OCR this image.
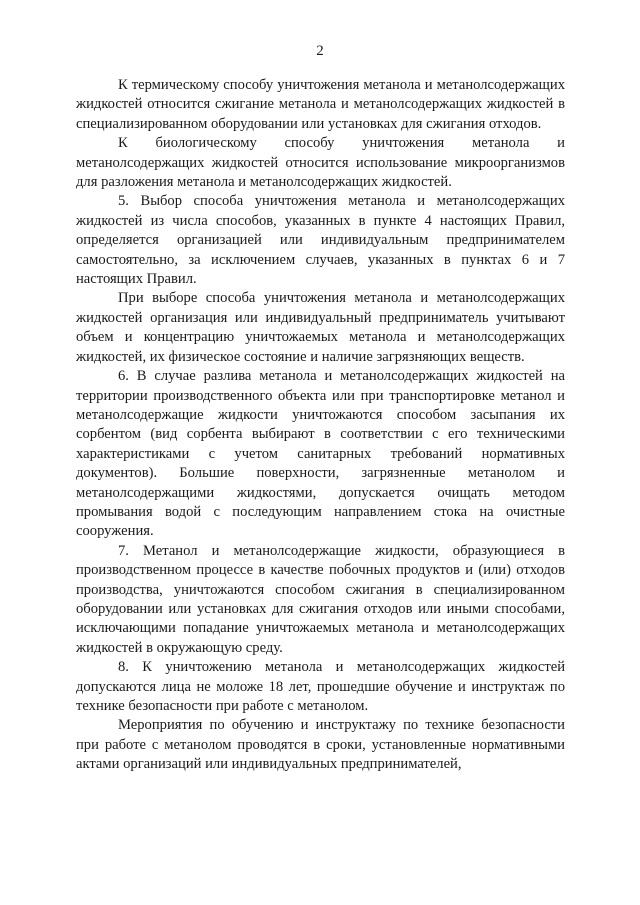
2

К термическому способу уничтожения метанола и метанолсодержащих жидкостей относится сжигание метанола и метанолсодержащих жидкостей в специализированном оборудовании или установках для сжигания отходов.

К биологическому способу уничтожения метанола и метанолсодержащих жидкостей относится использование микроорганизмов для разложения метанола и метанолсодержащих жидкостей.

5. Выбор способа уничтожения метанола и метанолсодержащих жидкостей из числа способов, указанных в пункте 4 настоящих Правил, определяется организацией или индивидуальным предпринимателем самостоятельно, за исключением случаев, указанных в пунктах 6 и 7 настоящих Правил.

При выборе способа уничтожения метанола и метанолсодержащих жидкостей организация или индивидуальный предприниматель учитывают объем и концентрацию уничтожаемых метанола и метанолсодержащих жидкостей, их физическое состояние и наличие загрязняющих веществ.

6. В случае разлива метанола и метанолсодержащих жидкостей на территории производственного объекта или при транспортировке метанол и метанолсодержащие жидкости уничтожаются способом засыпания их сорбентом (вид сорбента выбирают в соответствии с его техническими характеристиками с учетом санитарных требований нормативных документов). Большие поверхности, загрязненные метанолом и метанолсодержащими жидкостями, допускается очищать методом промывания водой с последующим направлением стока на очистные сооружения.

7. Метанол и метанолсодержащие жидкости, образующиеся в производственном процессе в качестве побочных продуктов и (или) отходов производства, уничтожаются способом сжигания в специализированном оборудовании или установках для сжигания отходов или иными способами, исключающими попадание уничтожаемых метанола и метанолсодержащих жидкостей в окружающую среду.

8. К уничтожению метанола и метанолсодержащих жидкостей допускаются лица не моложе 18 лет, прошедшие обучение и инструктаж по технике безопасности при работе с метанолом.

Мероприятия по обучению и инструктажу по технике безопасности при работе с метанолом проводятся в сроки, установленные нормативными актами организаций или индивидуальных предпринимателей,
